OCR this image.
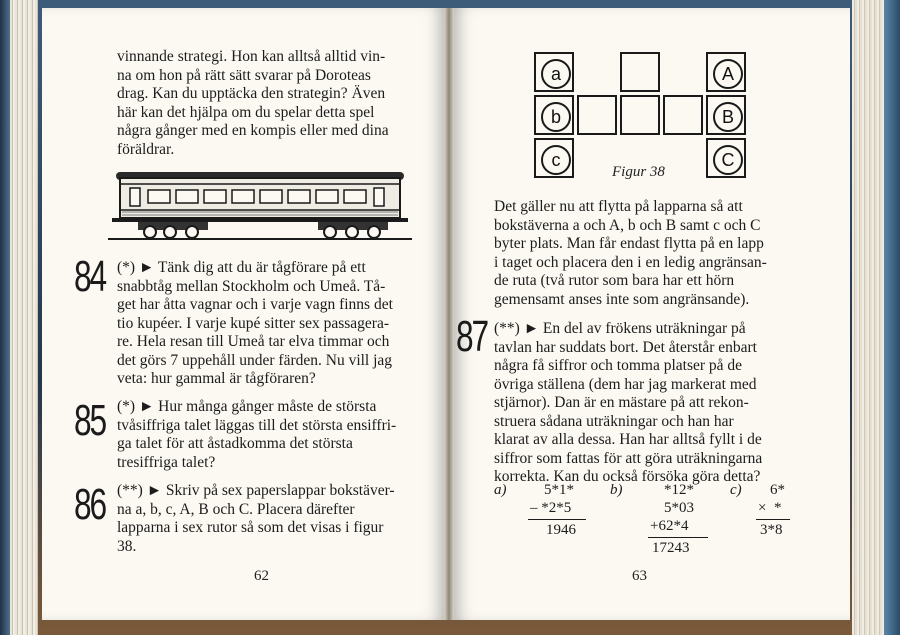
vinnande strategi. Hon kan alltså alltid vin-
na om hon på rätt sätt svarar på Doroteas
drag. Kan du upptäcka den strategin? Även
här kan det hjälpa om du spelar detta spel
några gånger med en kompis eller med dina
föräldrar.
84 (*) ► Tänk dig att du är tågförare på ett
snabbtåg mellan Stockholm och Umeå. Tå-
get har åtta vagnar och i varje vagn finns det
tio kupéer. I varje kupé sitter sex passagera-
re. Hela resan till Umeå tar elva timmar och
det görs 7 uppehåll under färden. Nu vill jag
veta: hur gammal är tågföraren?
85 (*) ► Hur många gånger måste de största
tvåsiffriga talet läggas till det största ensiffri-
ga talet för att åstadkomma det största
tresiffriga talet?
86 (**) ► Skriv på sex paperslappar bokstäver-
na a, b, c, A, B och C. Placera därefter
lapparna i sex rutor så som det visas i figur
38.
62
a
b
c
A
B
C
Figur 38
Det gäller nu att flytta på lapparna så att
bokstäverna a och A, b och B samt c och C
byter plats. Man får endast flytta på en lapp
i taget och placera den i en ledig angränsan-
de ruta (två rutor som bara har ett hörn
gemensamt anses inte som angränsande).
87 (**) ► En del av frökens uträkningar på
tavlan har suddats bort. Det återstår enbart
några få siffror och tomma platser på de
övriga ställena (dem har jag markerat med
stjärnor). Dan är en mästare på att rekon-
struera sådana uträkningar och han har
klarat av alla dessa. Han har alltså fyllt i de
siffror som fattas för att göra uträkningarna
korrekta. Kan du också försöka göra detta?
a)	5*1*
– *2*5
1946
b)	*12*
5*03
+62*4
17243
c) 6*
×  *
3*8
63
